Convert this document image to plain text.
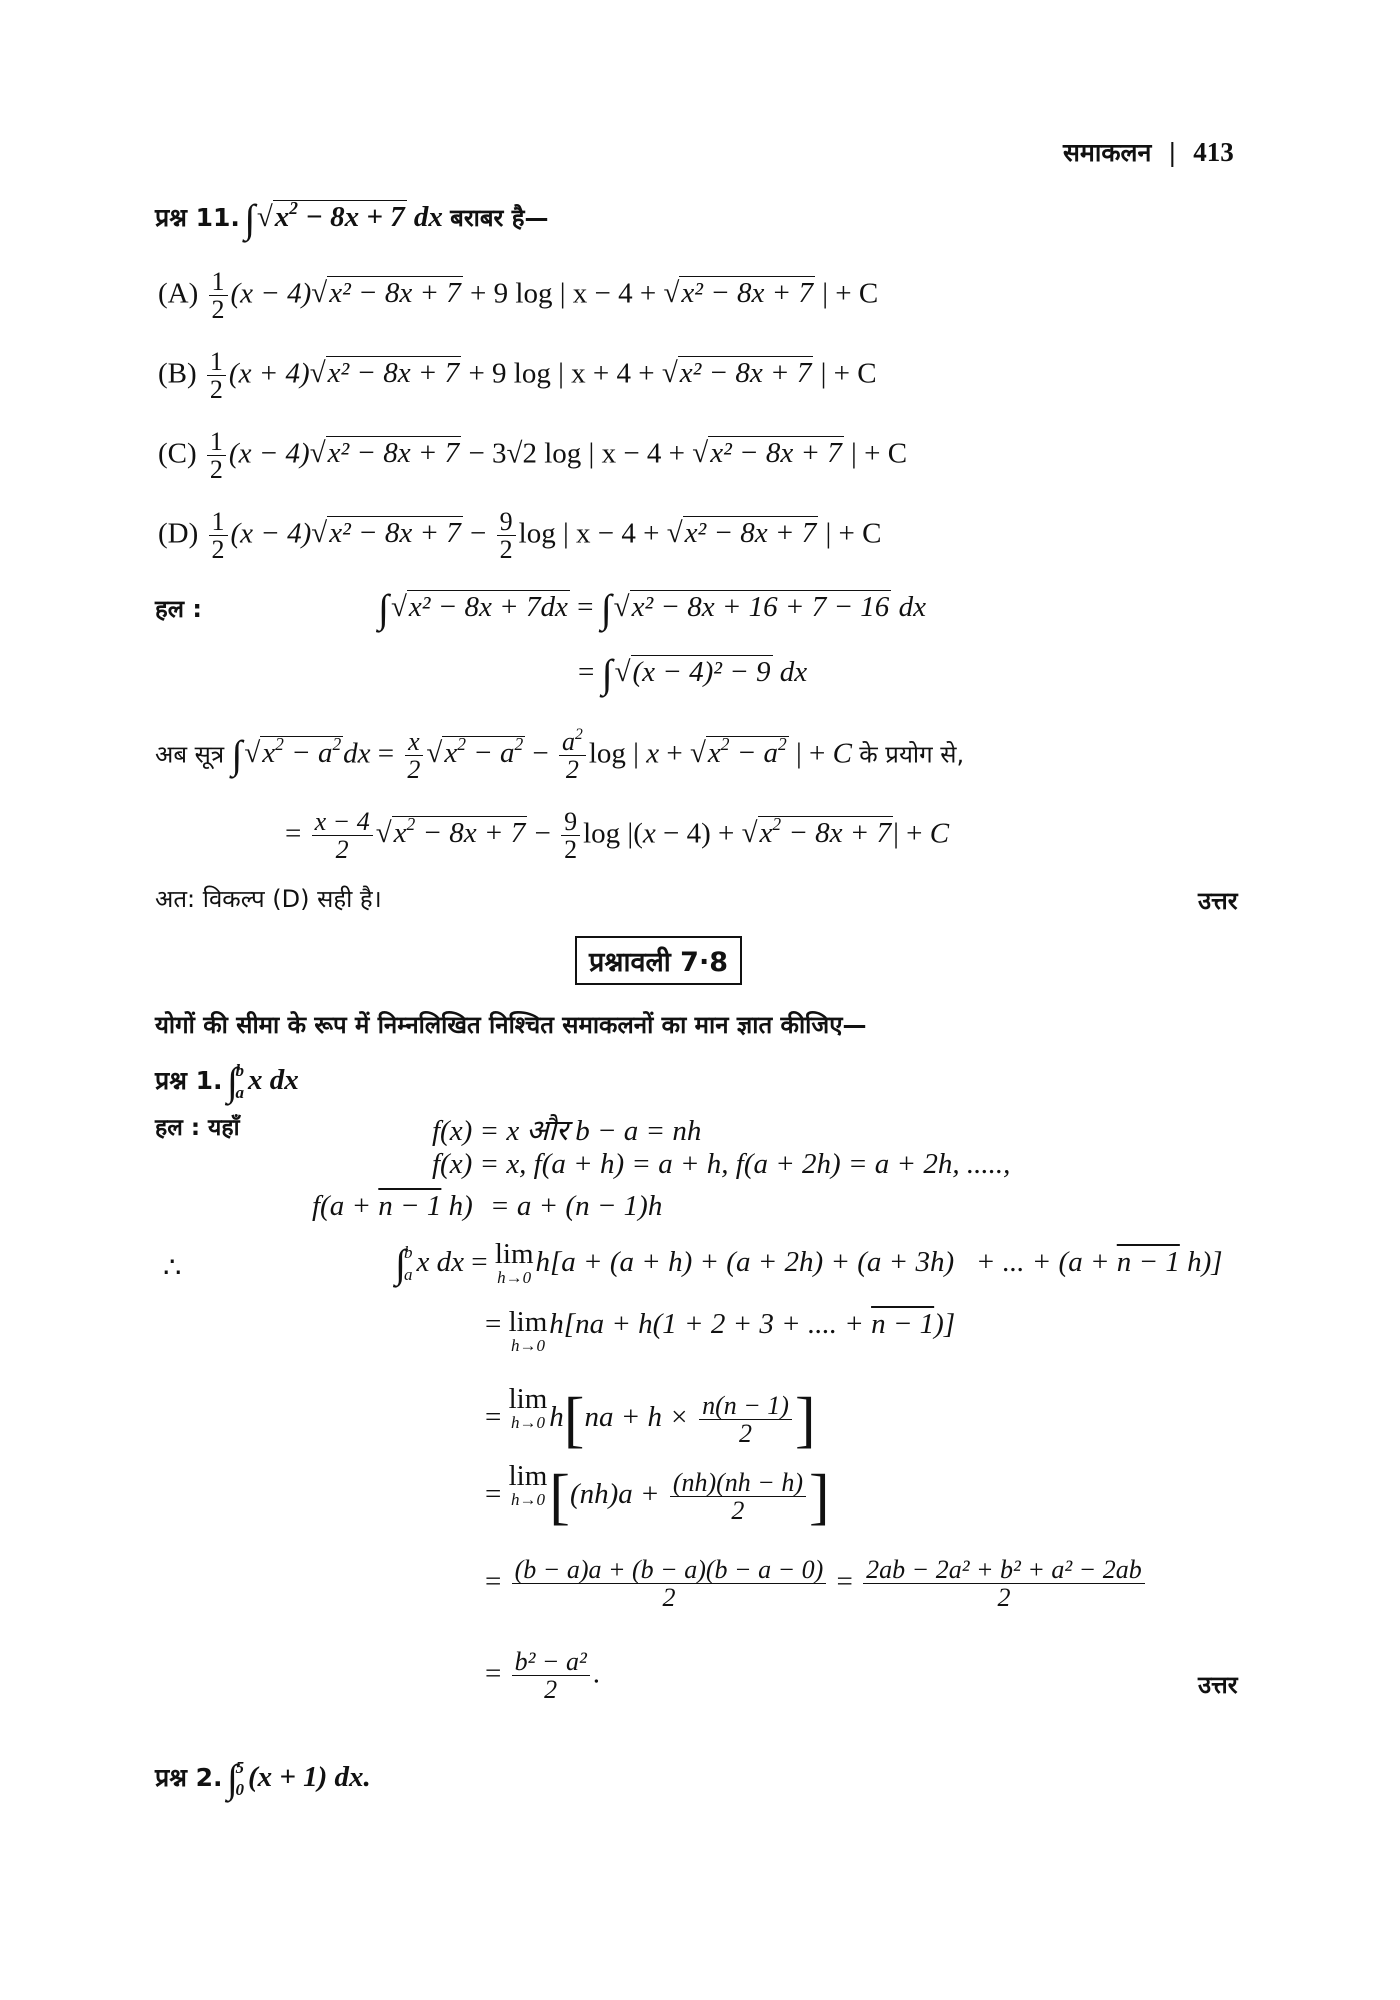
समाकलन | 413
प्रश्न 11. $\int√x^2 - 8x + 7$ dx बराबर है—
$(A) \frac{1}{2} (x - 4)√x^2 - 8x + 7 + 9$ log | x − 4 + √x² − 8x + 7 | + C
$(B) \frac{1}{2} (x + 4)√x^2 - 8x + 7 + 9$ log | x + 4 + √x² − 8x + 7 | + C
$(C) \frac{1}{2} (x - 4)√x^2 - 8x + 7 - 3√2$ log | x − 4 + √x² − 8x + 7 | + C
$(D) \frac{1}{2} (x - 4)√x^2 - 8x + 7 - \frac{9}{2}$ log | x − 4 + √x² − 8x + 7 | + C
हल :	∫√x² − 8x + 7dx = ∫√x² − 8x + 16 + 7 − 16 dx
= ∫√(x − 4)² − 9 dx
अब सूत्र $\int√x^2 - a^2dx = \frac{x}{2} √x^2 - a^2 - \frac{a^2}{2}$ log | $x + √x^2 - a^2$ | + C के प्रयोग से,
= $\frac{x - 4}{2} √x^2 - 8x + 7 - \frac{9}{2}$ $\log |(x - 4) + √x^2 - 8x + 7| + C$
अत: विकल्प (D) सही है।	उत्तर
प्रश्नावली 7·8
योगों की सीमा के रूप में निम्नलिखित निश्चित समाकलनों का मान ज्ञात कीजिए—
प्रश्न 1. ∫
b
a x dx
हल : यहाँ	f(x) = x और b − a = nh
f(x) = x, f(a + h) = a + h, f(a + 2h) = a + 2h, .....,
f(a + n − 1 h) = a + (n − 1)h
∴	∫
b
a x dx = lim
h→0 h[a + (a + h) + (a + 2h) + (a + 3h)   + ... + (a + n − 1 h)]
= lim
h→0
h[na + h(1 + 2 + 3 + .... + n − 1)]
=
lim
h→0 $h[na + h \times \frac{n(n - 1)}{2}$ ]
=
lim
h→0 [$(nh)a + \frac{(nh)(nh - h)}{2}$ ]
= $\frac{(b - a)a + (b - a)(b - a - 0)}{2} = \frac{\text{2ab − 2a² + b² + a² − 2ab}}{2}$
= $\frac{\text{b² − a²}}{2}$ .	उत्तर
प्रश्न 2. ∫
5
0 (x + 1) dx.
